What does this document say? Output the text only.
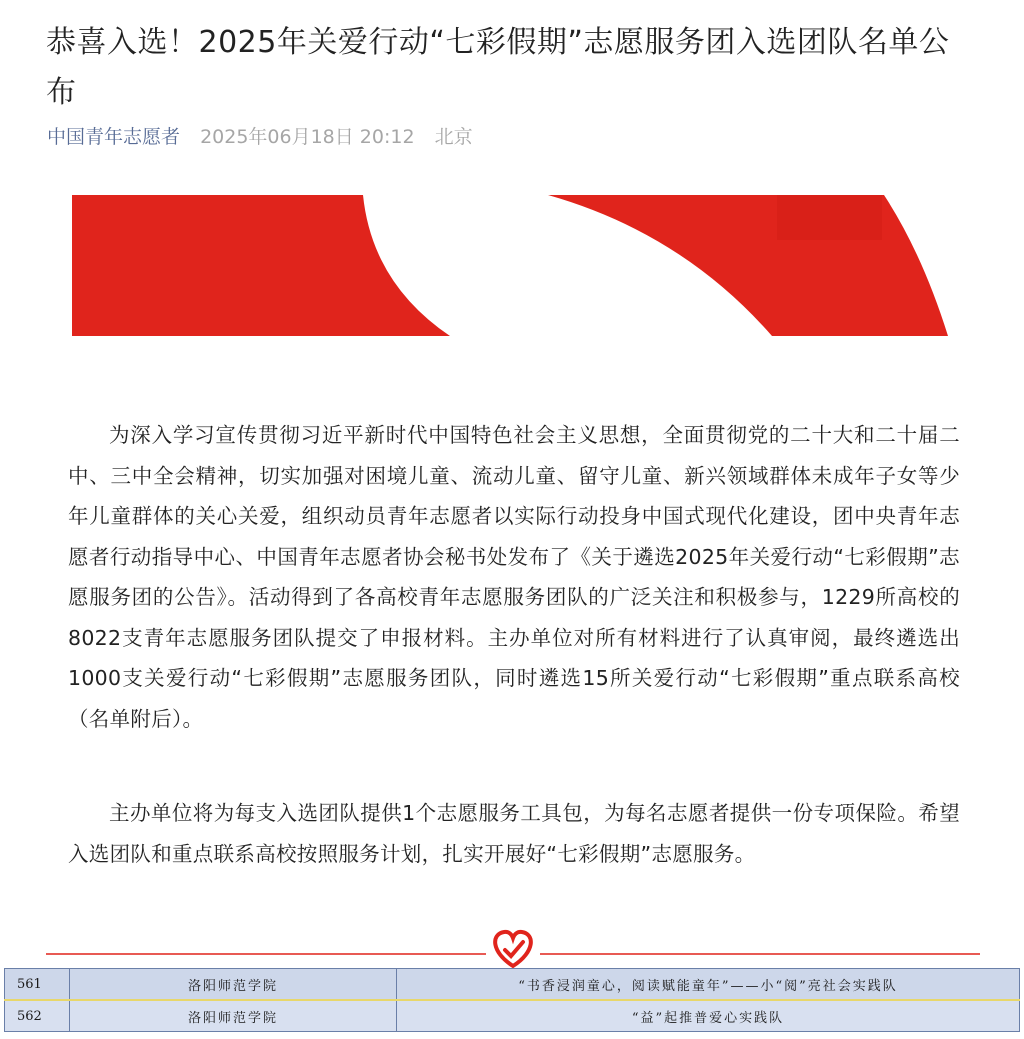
恭喜入选！2025年关爱行动“七彩假期”志愿服务团入选团队名单公布
中国青年志愿者 2025年06月18日 20:12 北京

为深入学习宣传贯彻习近平新时代中国特色社会主义思想，全面贯彻党的二十大和二十届二中、三中全会精神，切实加强对困境儿童、流动儿童、留守儿童、新兴领域群体未成年子女等少年儿童群体的关心关爱，组织动员青年志愿者以实际行动投身中国式现代化建设，团中央青年志愿者行动指导中心、中国青年志愿者协会秘书处发布了《关于遴选2025年关爱行动“七彩假期”志愿服务团的公告》。活动得到了各高校青年志愿服务团队的广泛关注和积极参与，1229所高校的8022支青年志愿服务团队提交了申报材料。主办单位对所有材料进行了认真审阅，最终遴选出1000支关爱行动“七彩假期”志愿服务团队，同时遴选15所关爱行动“七彩假期”重点联系高校（名单附后）。

主办单位将为每支入选团队提供1个志愿服务工具包，为每名志愿者提供一份专项保险。希望入选团队和重点联系高校按照服务计划，扎实开展好“七彩假期”志愿服务。

561	洛阳师范学院	“书香浸润童心，阅读赋能童年”——小“阅”亮社会实践队
562	洛阳师范学院	“益”起推普爱心实践队
